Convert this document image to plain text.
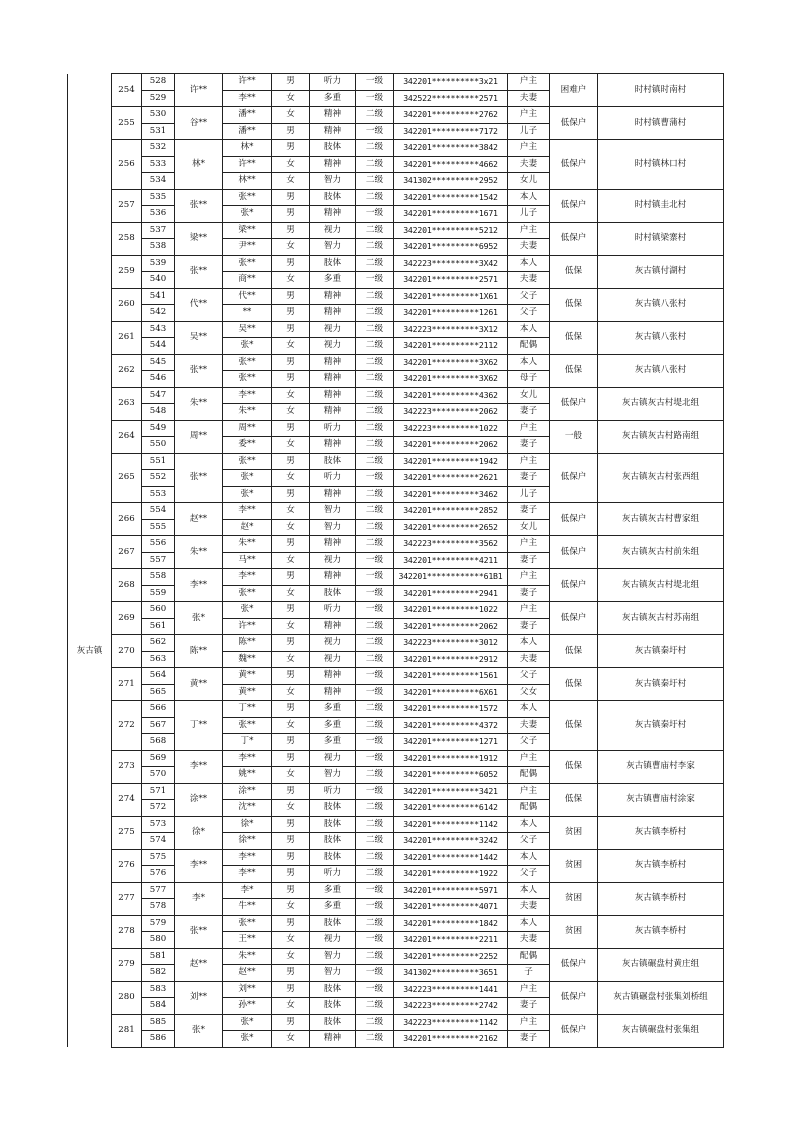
	254	528	许**	许**	男	听力	一级	342201**********3x21	户主	困难户	时村镇时南村
		529		李**	女	多重	一级	342522**********2571	夫妻		
	255	530	谷**	潘**	女	精神	二级	342201**********2762	户主	低保户	时村镇曹蒲村
		531		潘**	男	精神	一级	342201**********7172	儿子		
	256	532	林*	林*	男	肢体	二级	342201**********3842	户主	低保户	时村镇林口村
		533		许**	女	精神	二级	342201**********4662	夫妻		
		534		林**	女	智力	二级	341302**********2952	女儿		
	257	535	张**	张**	男	肢体	二级	342201**********1542	本人	低保户	时村镇圭北村
		536		张*	男	精神	一级	342201**********1671	儿子		
	258	537	梁**	梁**	男	视力	二级	342201**********5212	户主	低保户	时村镇梁寨村
		538		尹**	女	智力	二级	342201**********6952	夫妻		
灰古镇	259	539	张**	张**	男	肢体	二级	342223**********3X42	本人	低保	灰古镇付湖村
		540		商**	女	多重	一级	342201**********2571	夫妻		
	260	541	代**	代**	男	精神	二级	342201**********1X61	父子	低保	灰古镇八张村
		542		**	男	精神	二级	342201**********1261	父子		
	261	543	吴**	吴**	男	视力	二级	342223**********3X12	本人	低保	灰古镇八张村
		544		张*	女	视力	二级	342201**********2112	配偶		
	262	545	张**	张**	男	精神	二级	342201**********3X62	本人	低保	灰古镇八张村
		546		张**	男	精神	二级	342201**********3X62	母子		
	263	547	朱**	李**	女	精神	二级	342201**********4362	女儿	低保户	灰古镇灰古村堤北组
		548		朱**	女	精神	二级	342223**********2062	妻子		
	264	549	周**	周**	男	听力	二级	342223**********1022	户主	一般	灰古镇灰古村路南组
		550		委**	女	精神	二级	342201**********2062	妻子		
	265	551	张**	张**	男	肢体	二级	342201**********1942	户主	低保户	灰古镇灰古村张西组
		552		张*	女	听力	一级	342201**********2621	妻子		
		553		张*	男	精神	二级	342201**********3462	儿子		
	266	554	赵**	李**	女	智力	二级	342201**********2852	妻子	低保户	灰古镇灰古村曹家组
		555		赵*	女	智力	二级	342201**********2652	女儿		
	267	556	朱**	朱**	男	精神	二级	342223**********3562	户主	低保户	灰古镇灰古村前朱组
		557		马**	女	视力	一级	342201**********4211	妻子		
	268	558	李**	李**	男	精神	一级	342201************61B1	户主	低保户	灰古镇灰古村堤北组
		559		张**	女	肢体	一级	342201**********2941	妻子		
	269	560	张*	张*	男	听力	一级	342201**********1022	户主	低保户	灰古镇灰古村苏南组
		561		许**	女	精神	二级	342201**********2062	妻子		
	270	562	陈**	陈**	男	视力	二级	342223**********3012	本人	低保	灰古镇秦圩村
		563		魏**	女	视力	二级	342201**********2912	夫妻		
	271	564	黄**	黄**	男	精神	一级	342201**********1561	父子	低保	灰古镇秦圩村
		565		黄**	女	精神	一级	342201**********6X61	父女		
	272	566	丁**	丁**	男	多重	二级	342201**********1572	本人	低保	灰古镇秦圩村
		567		张**	女	多重	二级	342201**********4372	夫妻		
		568		丁*	男	多重	一级	342201**********1271	父子		
	273	569	李**	李**	男	视力	一级	342201**********1912	户主	低保	灰古镇曹庙村李家
		570		姚**	女	智力	二级	342201**********6052	配偶		
	274	571	涂**	涂**	男	听力	一级	342201**********3421	户主	低保	灰古镇曹庙村涂家
		572		沈**	女	肢体	二级	342201**********6142	配偶		
	275	573	徐*	徐*	男	肢体	二级	342201**********1142	本人	贫困	灰古镇李桥村
		574		徐**	男	肢体	二级	342201**********3242	父子		
	276	575	李**	李**	男	肢体	二级	342201**********1442	本人	贫困	灰古镇李桥村
		576		李**	男	听力	二级	342201**********1922	父子		
	277	577	李*	李*	男	多重	一级	342201**********5971	本人	贫困	灰古镇李桥村
		578		牛**	女	多重	一级	342201**********4071	夫妻		
	278	579	张**	张**	男	肢体	二级	342201**********1842	本人	贫困	灰古镇李桥村
		580		王**	女	视力	一级	342201**********2211	夫妻		
	279	581	赵**	朱**	女	智力	二级	342201**********2252	配偶	低保户	灰古镇碾盘村黄庄组
		582		赵**	男	智力	一级	341302**********3651	子		
	280	583	刘**	刘**	男	肢体	一级	342223**********1441	户主	低保户	灰古镇碾盘村张集刘桥组
		584		孙**	女	肢体	二级	342223**********2742	妻子		
	281	585	张*	张*	男	肢体	二级	342223**********1142	户主	低保户	灰古镇碾盘村张集组
		586		张*	女	精神	二级	342201**********2162	妻子		
